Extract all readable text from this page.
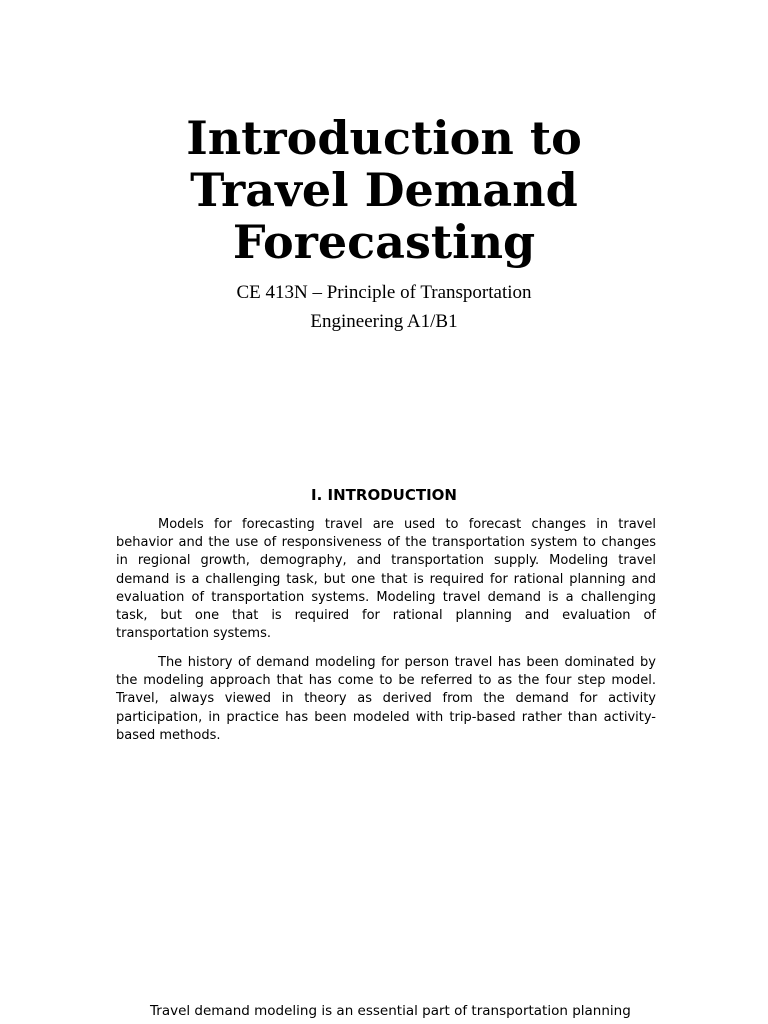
Introduction to
Travel Demand
Forecasting
CE 413N – Principle of Transportation
Engineering A1/B1
I. INTRODUCTION

Models for forecasting travel are used to forecast changes in travel behavior and the use of responsiveness of the transportation system to changes in regional growth, demography, and transportation supply. Modeling travel demand is a challenging task, but one that is required for rational planning and evaluation of transportation systems. Modeling travel demand is a challenging task, but one that is required for rational planning and evaluation of transportation systems.

The history of demand modeling for person travel has been dominated by the modeling approach that has come to be referred to as the four step model. Travel, always viewed in theory as derived from the demand for activity participation, in practice has been modeled with trip-based rather than activity-based methods.

Travel demand modeling is an essential part of transportation planning
